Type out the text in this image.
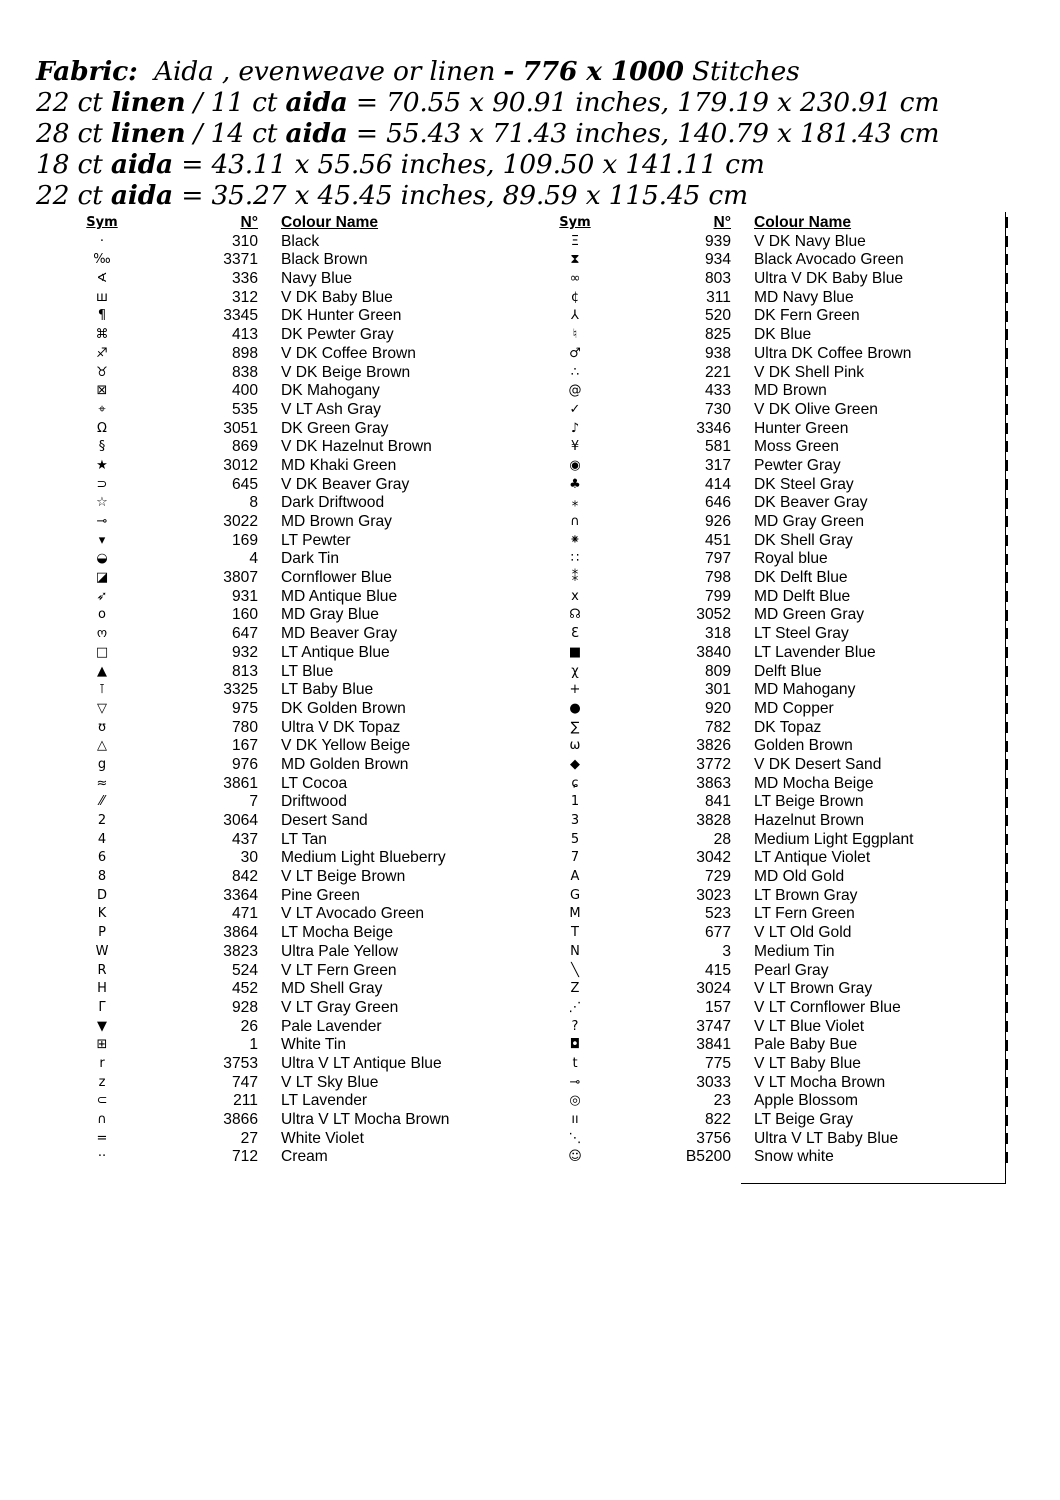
Fabric: Aida , evenweave or linen - 776 x 1000 Stitches
22 ct linen / 11 ct aida = 70.55 x 90.91 inches, 179.19 x 230.91 cm
28 ct linen / 14 ct aida = 55.43 x 71.43 inches, 140.79 x 181.43 cm
18 ct aida = 43.11 x 55.56 inches, 109.50 x 141.11 cm
22 ct aida = 35.27 x 45.45 inches, 89.59 x 115.45 cm
Sym	N° Colour Name
·	310 Black
‰	3371 Black Brown
∢	336 Navy Blue
ш	312 V DK Baby Blue
¶	3345 DK Hunter Green
⌘	413 DK Pewter Gray
♐	898 V DK Coffee Brown
♉	838 V DK Beige Brown
⊠	400 DK Mahogany
⌖	535 V LT Ash Gray
Ω	3051 DK Green Gray
§	869 V DK Hazelnut Brown
★	3012 MD Khaki Green
⊃	645 V DK Beaver Gray
☆	8 Dark Driftwood
⊸	3022 MD Brown Gray
▾	169 LT Pewter
◒	4 Dark Tin
◪	3807 Cornflower Blue
➶	931 MD Antique Blue
o	160 MD Gray Blue
ო	647 MD Beaver Gray
□	932 LT Antique Blue
▲	813 LT Blue
⊺	3325 LT Baby Blue
▽	975 DK Golden Brown
ʊ	780 Ultra V DK Topaz
△	167 V DK Yellow Beige
g	976 MD Golden Brown
≈	3861 LT Cocoa
⁄⁄	7 Driftwood
2	3064 Desert Sand
4	437 LT Tan
6	30 Medium Light Blueberry
8	842 V LT Beige Brown
D	3364 Pine Green
K	471 V LT Avocado Green
P	3864 LT Mocha Beige
W	3823 Ultra Pale Yellow
R	524 V LT Fern Green
H	452 MD Shell Gray
Γ	928 V LT Gray Green
▼	26 Pale Lavender
⊞	1 White Tin
r	3753 Ultra V LT Antique Blue
z	747 V LT Sky Blue
⊂	211 LT Lavender
∩	3866 Ultra V LT Mocha Brown
=	27 White Violet
··	712 Cream
Sym	N° Colour Name
Ξ	939 V DK Navy Blue
⧗	934 Black Avocado Green
∞	803 Ultra V DK Baby Blue
¢	311 MD Navy Blue
⅄	520 DK Fern Green
♮	825 DK Blue
♂	938 Ultra DK Coffee Brown
∴	221 V DK Shell Pink
@	433 MD Brown
✓	730 V DK Olive Green
♪	3346 Hunter Green
¥	581 Moss Green
◉	317 Pewter Gray
♣	414 DK Steel Gray
⁎	646 DK Beaver Gray
∩	926 MD Gray Green
⁕	451 DK Shell Gray
∷	797 Royal blue
⁑	798 DK Delft Blue
x	799 MD Delft Blue
☊	3052 MD Green Gray
Ɛ	318 LT Steel Gray
■	3840 LT Lavender Blue
χ	809 Delft Blue
+	301 MD Mahogany
●	920 MD Copper
∑	782 DK Topaz
ω	3826 Golden Brown
◆	3772 V DK Desert Sand
ɕ	3863 MD Mocha Beige
1	841 LT Beige Brown
3	3828 Hazelnut Brown
5	28 Medium Light Eggplant
7	3042 LT Antique Violet
A	729 MD Old Gold
G	3023 LT Brown Gray
M	523 LT Fern Green
T	677 V LT Old Gold
N	3 Medium Tin
╲	415 Pearl Gray
Z	3024 V LT Brown Gray
⋰	157 V LT Cornflower Blue
?	3747 V LT Blue Violet
◘	3841 Pale Baby Bue
t	775 V LT Baby Blue
⊸	3033 V LT Mocha Brown
◎	23 Apple Blossom
ıı	822 LT Beige Gray
⋱	3756 Ultra V LT Baby Blue
☺	B5200 Snow white
